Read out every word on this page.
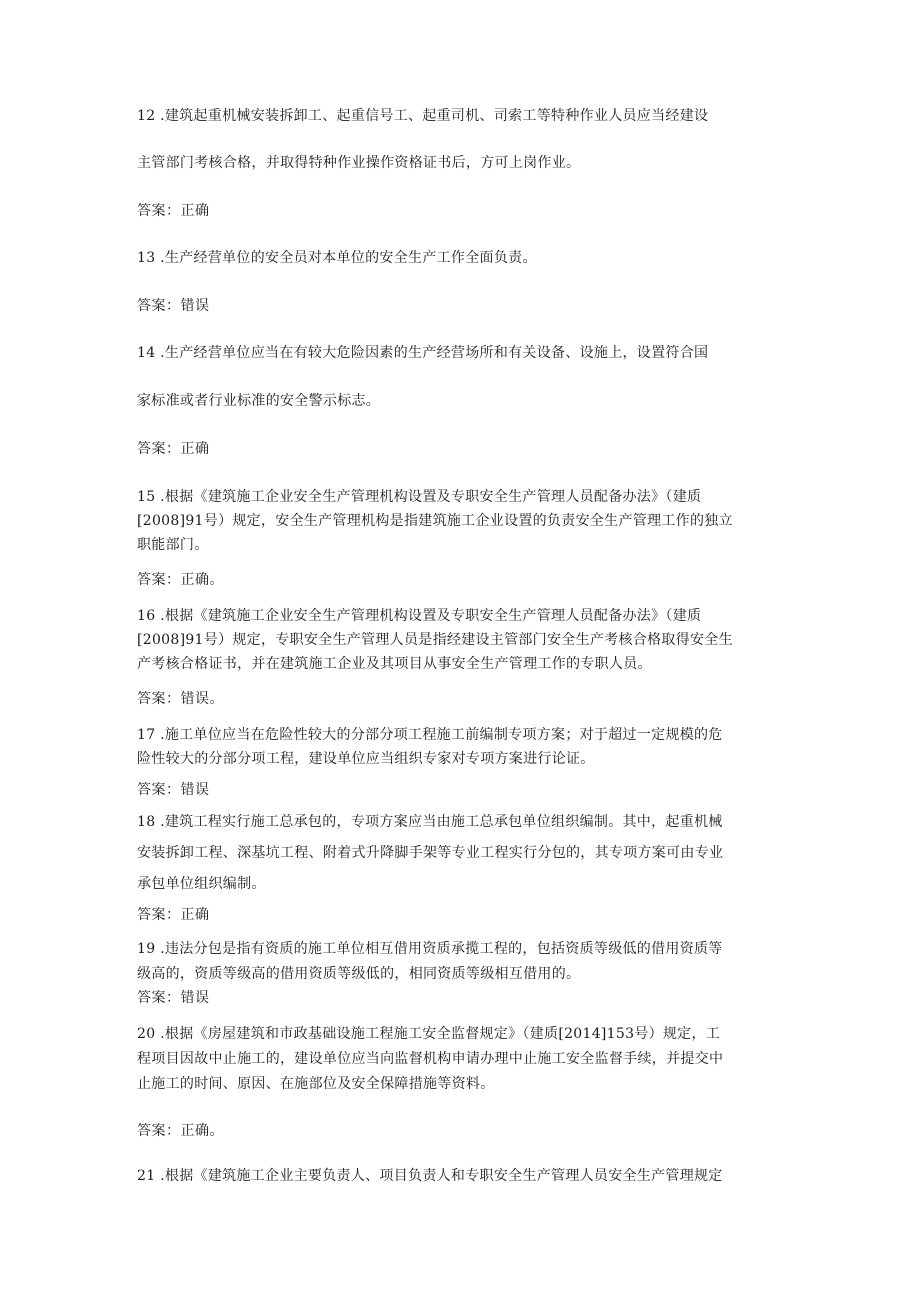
12 .建筑起重机械安装拆卸工、起重信号工、起重司机、司索工等特种作业人员应当经建设
主管部门考核合格，并取得特种作业操作资格证书后，方可上岗作业。
答案：正确
13 .生产经营单位的安全员对本单位的安全生产工作全面负责。
答案：错误
14 .生产经营单位应当在有较大危险因素的生产经营场所和有关设备、设施上，设置符合国
家标准或者行业标准的安全警示标志。
答案：正确
15 .根据《建筑施工企业安全生产管理机构设置及专职安全生产管理人员配备办法》（建质
[2008]91号）规定，安全生产管理机构是指建筑施工企业设置的负责安全生产管理工作的独立
职能部门。
答案：正确。
16 .根据《建筑施工企业安全生产管理机构设置及专职安全生产管理人员配备办法》（建质
[2008]91号）规定，专职安全生产管理人员是指经建设主管部门安全生产考核合格取得安全生
产考核合格证书，并在建筑施工企业及其项目从事安全生产管理工作的专职人员。
答案：错误。
17 .施工单位应当在危险性较大的分部分项工程施工前编制专项方案；对于超过一定规模的危
险性较大的分部分项工程，建设单位应当组织专家对专项方案进行论证。
答案：错误
18 .建筑工程实行施工总承包的，专项方案应当由施工总承包单位组织编制。其中，起重机械
安装拆卸工程、深基坑工程、附着式升降脚手架等专业工程实行分包的，其专项方案可由专业
承包单位组织编制。
答案：正确
19 .违法分包是指有资质的施工单位相互借用资质承揽工程的，包括资质等级低的借用资质等
级高的，资质等级高的借用资质等级低的，相同资质等级相互借用的。
答案：错误
20 .根据《房屋建筑和市政基础设施工程施工安全监督规定》（建质[2014]153号）规定，工
程项目因故中止施工的，建设单位应当向监督机构申请办理中止施工安全监督手续，并提交中
止施工的时间、原因、在施部位及安全保障措施等资料。
答案：正确。
21 .根据《建筑施工企业主要负责人、项目负责人和专职安全生产管理人员安全生产管理规定
